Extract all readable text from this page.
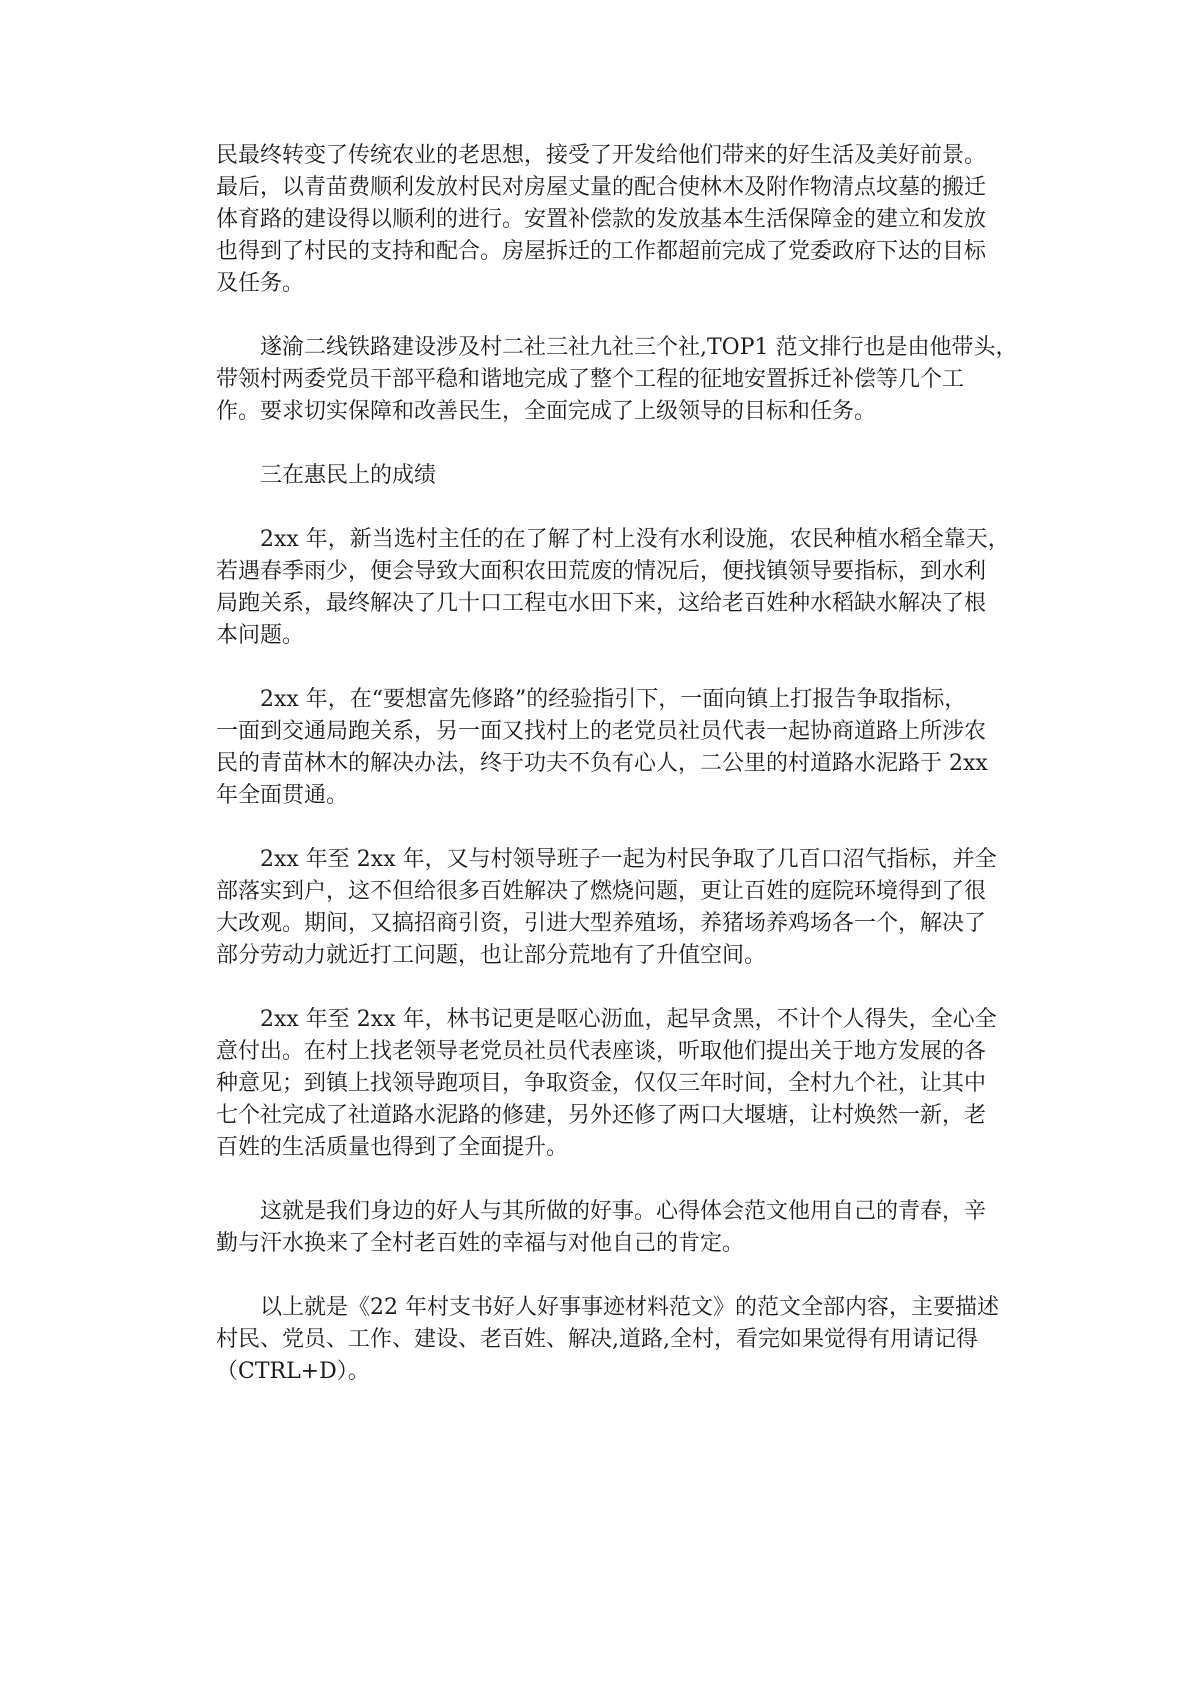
民最终转变了传统农业的老思想，接受了开发给他们带来的好生活及美好前景。
最后，以青苗费顺利发放村民对房屋丈量的配合使林木及附作物清点坟墓的搬迁
体育路的建设得以顺利的进行。安置补偿款的发放基本生活保障金的建立和发放
也得到了村民的支持和配合。房屋拆迁的工作都超前完成了党委政府下达的目标
及任务。
遂渝二线铁路建设涉及村二社三社九社三个社,TOP1 范文排行也是由他带头，
带领村两委党员干部平稳和谐地完成了整个工程的征地安置拆迁补偿等几个工
作。要求切实保障和改善民生，全面完成了上级领导的目标和任务。
三在惠民上的成绩
2xx 年，新当选村主任的在了解了村上没有水利设施，农民种植水稻全靠天，
若遇春季雨少，便会导致大面积农田荒废的情况后，便找镇领导要指标，到水利
局跑关系，最终解决了几十口工程屯水田下来，这给老百姓种水稻缺水解决了根
本问题。
2xx 年，在“要想富先修路”的经验指引下，一面向镇上打报告争取指标，
一面到交通局跑关系，另一面又找村上的老党员社员代表一起协商道路上所涉农
民的青苗林木的解决办法，终于功夫不负有心人，二公里的村道路水泥路于 2xx
年全面贯通。
2xx 年至 2xx 年，又与村领导班子一起为村民争取了几百口沼气指标，并全
部落实到户，这不但给很多百姓解决了燃烧问题，更让百姓的庭院环境得到了很
大改观。期间，又搞招商引资，引进大型养殖场，养猪场养鸡场各一个，解决了
部分劳动力就近打工问题，也让部分荒地有了升值空间。
2xx 年至 2xx 年，林书记更是呕心沥血，起早贪黑，不计个人得失，全心全
意付出。在村上找老领导老党员社员代表座谈，听取他们提出关于地方发展的各
种意见；到镇上找领导跑项目，争取资金，仅仅三年时间，全村九个社，让其中
七个社完成了社道路水泥路的修建，另外还修了两口大堰塘，让村焕然一新，老
百姓的生活质量也得到了全面提升。
这就是我们身边的好人与其所做的好事。心得体会范文他用自己的青春，辛
勤与汗水换来了全村老百姓的幸福与对他自己的肯定。
以上就是《22 年村支书好人好事事迹材料范文》的范文全部内容，主要描述
村民、党员、工作、建设、老百姓、解决,道路,全村，看完如果觉得有用请记得
（CTRL+D）。
